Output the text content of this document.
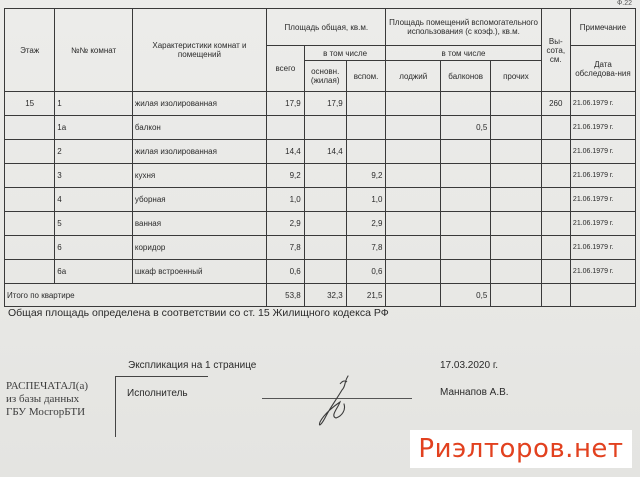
Ф.22
Этаж	№№ комнат	Характеристики комнат и помещений	Площадь общая, кв.м.			Площадь помещений вспомогательного использования (с коэф.), кв.м.			Вы-сота, см.	Примечание
			всего	в том числе		в том числе				Дата обследова-ния
				основн. (жилая)	вспом.	лоджий	балконов	прочих		
15	1	жилая изолированная	17,9	17,9					260	21.06.1979 г.
	1а	балкон					0,5			21.06.1979 г.
	2	жилая изолированная	14,4	14,4						21.06.1979 г.
	3	кухня	9,2		9,2					21.06.1979 г.
	4	уборная	1,0		1,0					21.06.1979 г.
	5	ванная	2,9		2,9					21.06.1979 г.
	6	коридор	7,8		7,8					21.06.1979 г.
	6а	шкаф встроенный	0,6		0,6					21.06.1979 г.
Итого по квартире			53,8	32,3	21,5		0,5			
Общая площадь определена в соответствии со ст. 15 Жилищного кодекса РФ
Экспликация на 1 странице	17.03.2020 г.
Маннапов А.В.
РАСПЕЧАТАЛ(а)
из базы данных
ГБУ МосгорБТИ
Исполнитель
Риэлторов.нет
